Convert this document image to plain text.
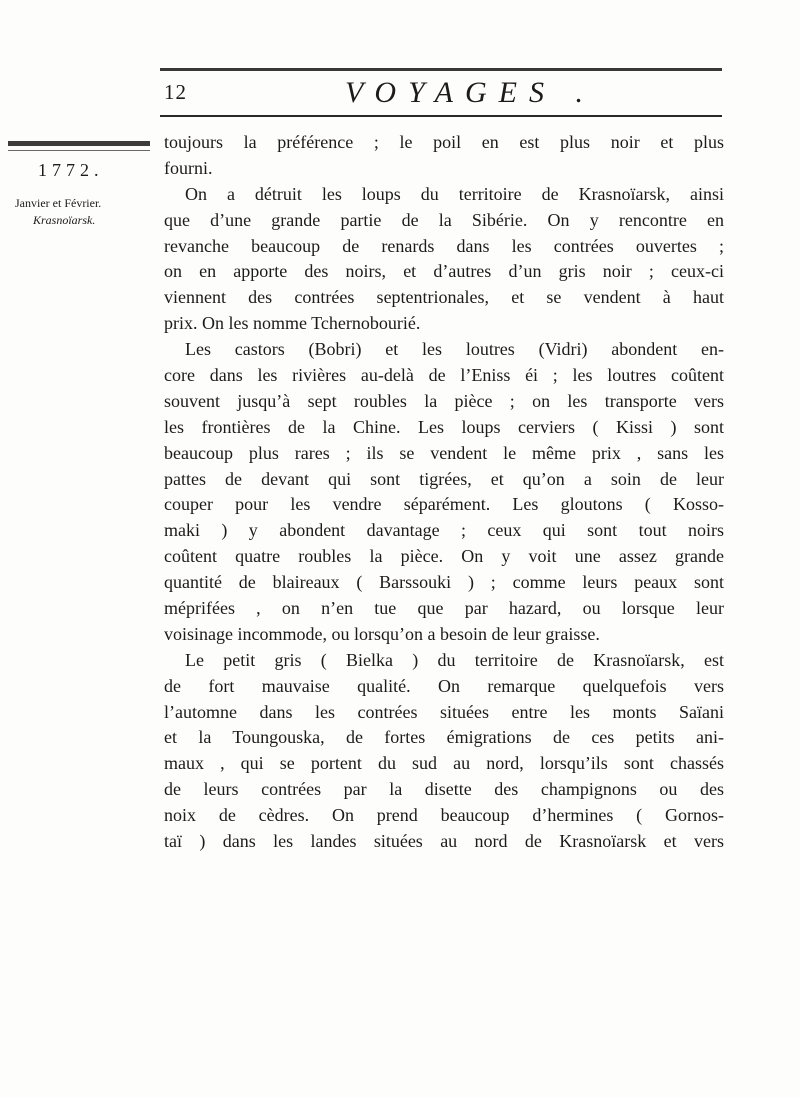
12	VOYAGES .
1772.
Janvier et Février.
Krasnoïarsk.
toujours la préférence ; le poil en est plus noir et plus
fourni.
On a détruit les loups du territoire de Krasnoïarsk, ainsi
que d’une grande partie de la Sibérie. On y rencontre en
revanche beaucoup de renards dans les contrées ouvertes ;
on en apporte des noirs, et d’autres d’un gris noir ; ceux-ci
viennent des contrées septentrionales, et se vendent à haut
prix. On les nomme Tchernobourié.
Les castors (Bobri) et les loutres (Vidri) abondent en-
core dans les rivières au-delà de l’Eniss éi ; les loutres coûtent
souvent jusqu’à sept roubles la pièce ; on les transporte vers
les frontières de la Chine. Les loups cerviers ( Kissi ) sont
beaucoup plus rares ; ils se vendent le même prix , sans les
pattes de devant qui sont tigrées, et qu’on a soin de leur
couper pour les vendre séparément. Les gloutons ( Kosso-
maki ) y abondent davantage ; ceux qui sont tout noirs
coûtent quatre roubles la pièce. On y voit une assez grande
quantité de blaireaux ( Barssouki ) ; comme leurs peaux sont
méprifées , on n’en tue que par hazard, ou lorsque leur
voisinage incommode, ou lorsqu’on a besoin de leur graisse.
Le petit gris ( Bielka ) du territoire de Krasnoïarsk, est
de fort mauvaise qualité. On remarque quelquefois vers
l’automne dans les contrées situées entre les monts Saïani
et la Toungouska, de fortes émigrations de ces petits ani-
maux , qui se portent du sud au nord, lorsqu’ils sont chassés
de leurs contrées par la disette des champignons ou des
noix de cèdres. On prend beaucoup d’hermines ( Gornos-
taï ) dans les landes situées au nord de Krasnoïarsk et vers
